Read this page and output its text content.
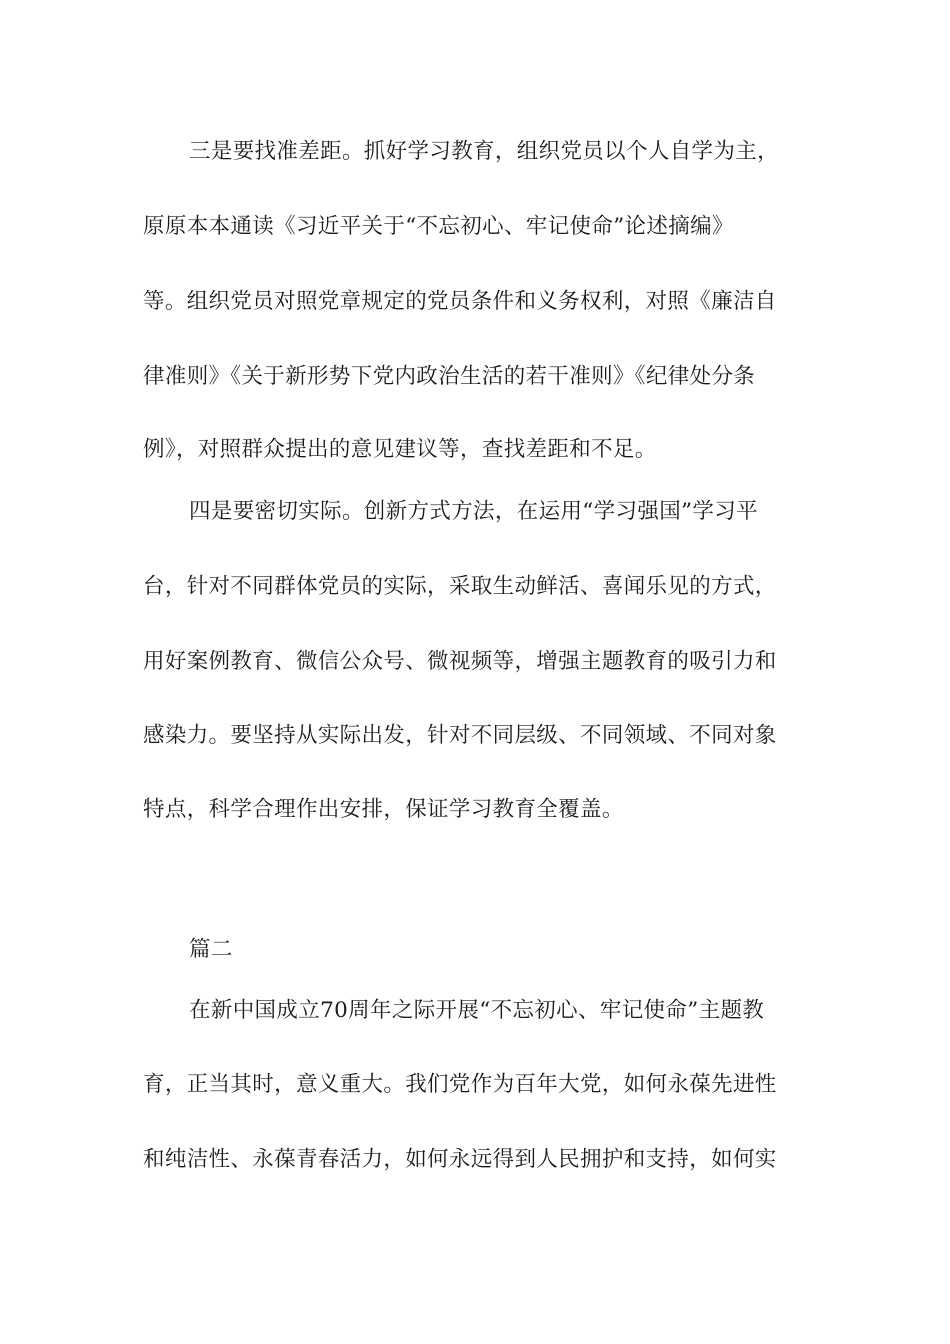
三是要找准差距。抓好学习教育，组织党员以个人自学为主，
原原本本通读《习近平关于“不忘初心、牢记使命”论述摘编》
等。组织党员对照党章规定的党员条件和义务权利，对照《廉洁自
律准则》《关于新形势下党内政治生活的若干准则》《纪律处分条
例》，对照群众提出的意见建议等，查找差距和不足。
四是要密切实际。创新方式方法，在运用“学习强国”学习平
台，针对不同群体党员的实际，采取生动鲜活、喜闻乐见的方式，
用好案例教育、微信公众号、微视频等，增强主题教育的吸引力和
感染力。要坚持从实际出发，针对不同层级、不同领域、不同对象
特点，科学合理作出安排，保证学习教育全覆盖。
篇二
在新中国成立70周年之际开展“不忘初心、牢记使命”主题教
育，正当其时，意义重大。我们党作为百年大党，如何永葆先进性
和纯洁性、永葆青春活力，如何永远得到人民拥护和支持，如何实
